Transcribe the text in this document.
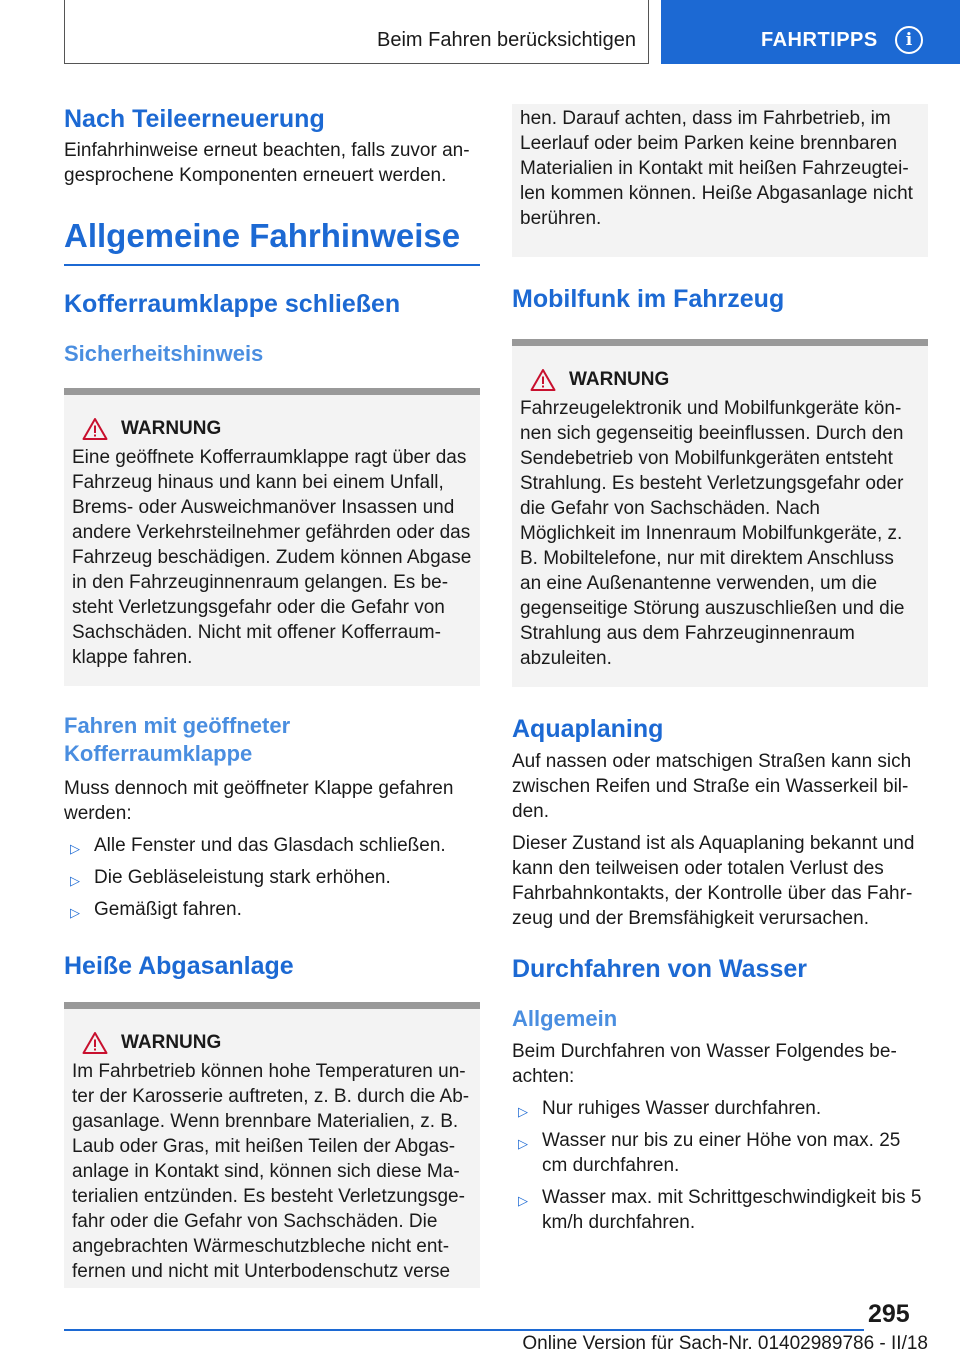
Beim Fahren berücksichtigen	FAHRTIPPS	i
Nach Teileerneuerung
Einfahrhinweise erneut beachten, falls zuvor angesprochene Komponenten erneuert werden.
Allgemeine Fahrhinweise
Kofferraumklappe schließen
Sicherheitshinweis
WARNUNG
Eine geöffnete Kofferraumklappe ragt über das Fahrzeug hinaus und kann bei einem Unfall, Brems- oder Ausweichmanöver Insassen und andere Verkehrsteilnehmer gefährden oder das Fahrzeug beschädigen. Zudem können Abgase in den Fahrzeuginnenraum gelangen. Es besteht Verletzungsgefahr oder die Gefahr von Sachschäden. Nicht mit offener Kofferraumklappe fahren.
Fahren mit geöffneter Kofferraumklappe
Muss dennoch mit geöffneter Klappe gefahren werden:
▷ Alle Fenster und das Glasdach schließen.
▷ Die Gebläseleistung stark erhöhen.
▷ Gemäßigt fahren.
Heiße Abgasanlage
WARNUNG
Im Fahrbetrieb können hohe Temperaturen unter der Karosserie auftreten, z. B. durch die Abgasanlage. Wenn brennbare Materialien, z. B. Laub oder Gras, mit heißen Teilen der Abgasanlage in Kontakt sind, können sich diese Materialien entzünden. Es besteht Verletzungsgefahr oder die Gefahr von Sachschäden. Die angebrachten Wärmeschutzbleche nicht entfernen und nicht mit Unterbodenschutz verse
hen. Darauf achten, dass im Fahrbetrieb, im Leerlauf oder beim Parken keine brennbaren Materialien in Kontakt mit heißen Fahrzeugteilen kommen können. Heiße Abgasanlage nicht berühren.
Mobilfunk im Fahrzeug
WARNUNG
Fahrzeugelektronik und Mobilfunkgeräte können sich gegenseitig beeinflussen. Durch den Sendebetrieb von Mobilfunkgeräten entsteht Strahlung. Es besteht Verletzungsgefahr oder die Gefahr von Sachschäden. Nach Möglichkeit im Innenraum Mobilfunkgeräte, z. B. Mobiltelefone, nur mit direktem Anschluss an eine Außenantenne verwenden, um die gegenseitige Störung auszuschließen und die Strahlung aus dem Fahrzeuginnenraum abzuleiten.
Aquaplaning
Auf nassen oder matschigen Straßen kann sich zwischen Reifen und Straße ein Wasserkeil bilden.
Dieser Zustand ist als Aquaplaning bekannt und kann den teilweisen oder totalen Verlust des Fahrbahnkontakts, der Kontrolle über das Fahrzeug und der Bremsfähigkeit verursachen.
Durchfahren von Wasser
Allgemein
Beim Durchfahren von Wasser Folgendes beachten:
▷ Nur ruhiges Wasser durchfahren.
▷ Wasser nur bis zu einer Höhe von max. 25 cm durchfahren.
▷ Wasser max. mit Schrittgeschwindigkeit bis 5 km/h durchfahren.
295
Online Version für Sach-Nr. 01402989786 - II/18
